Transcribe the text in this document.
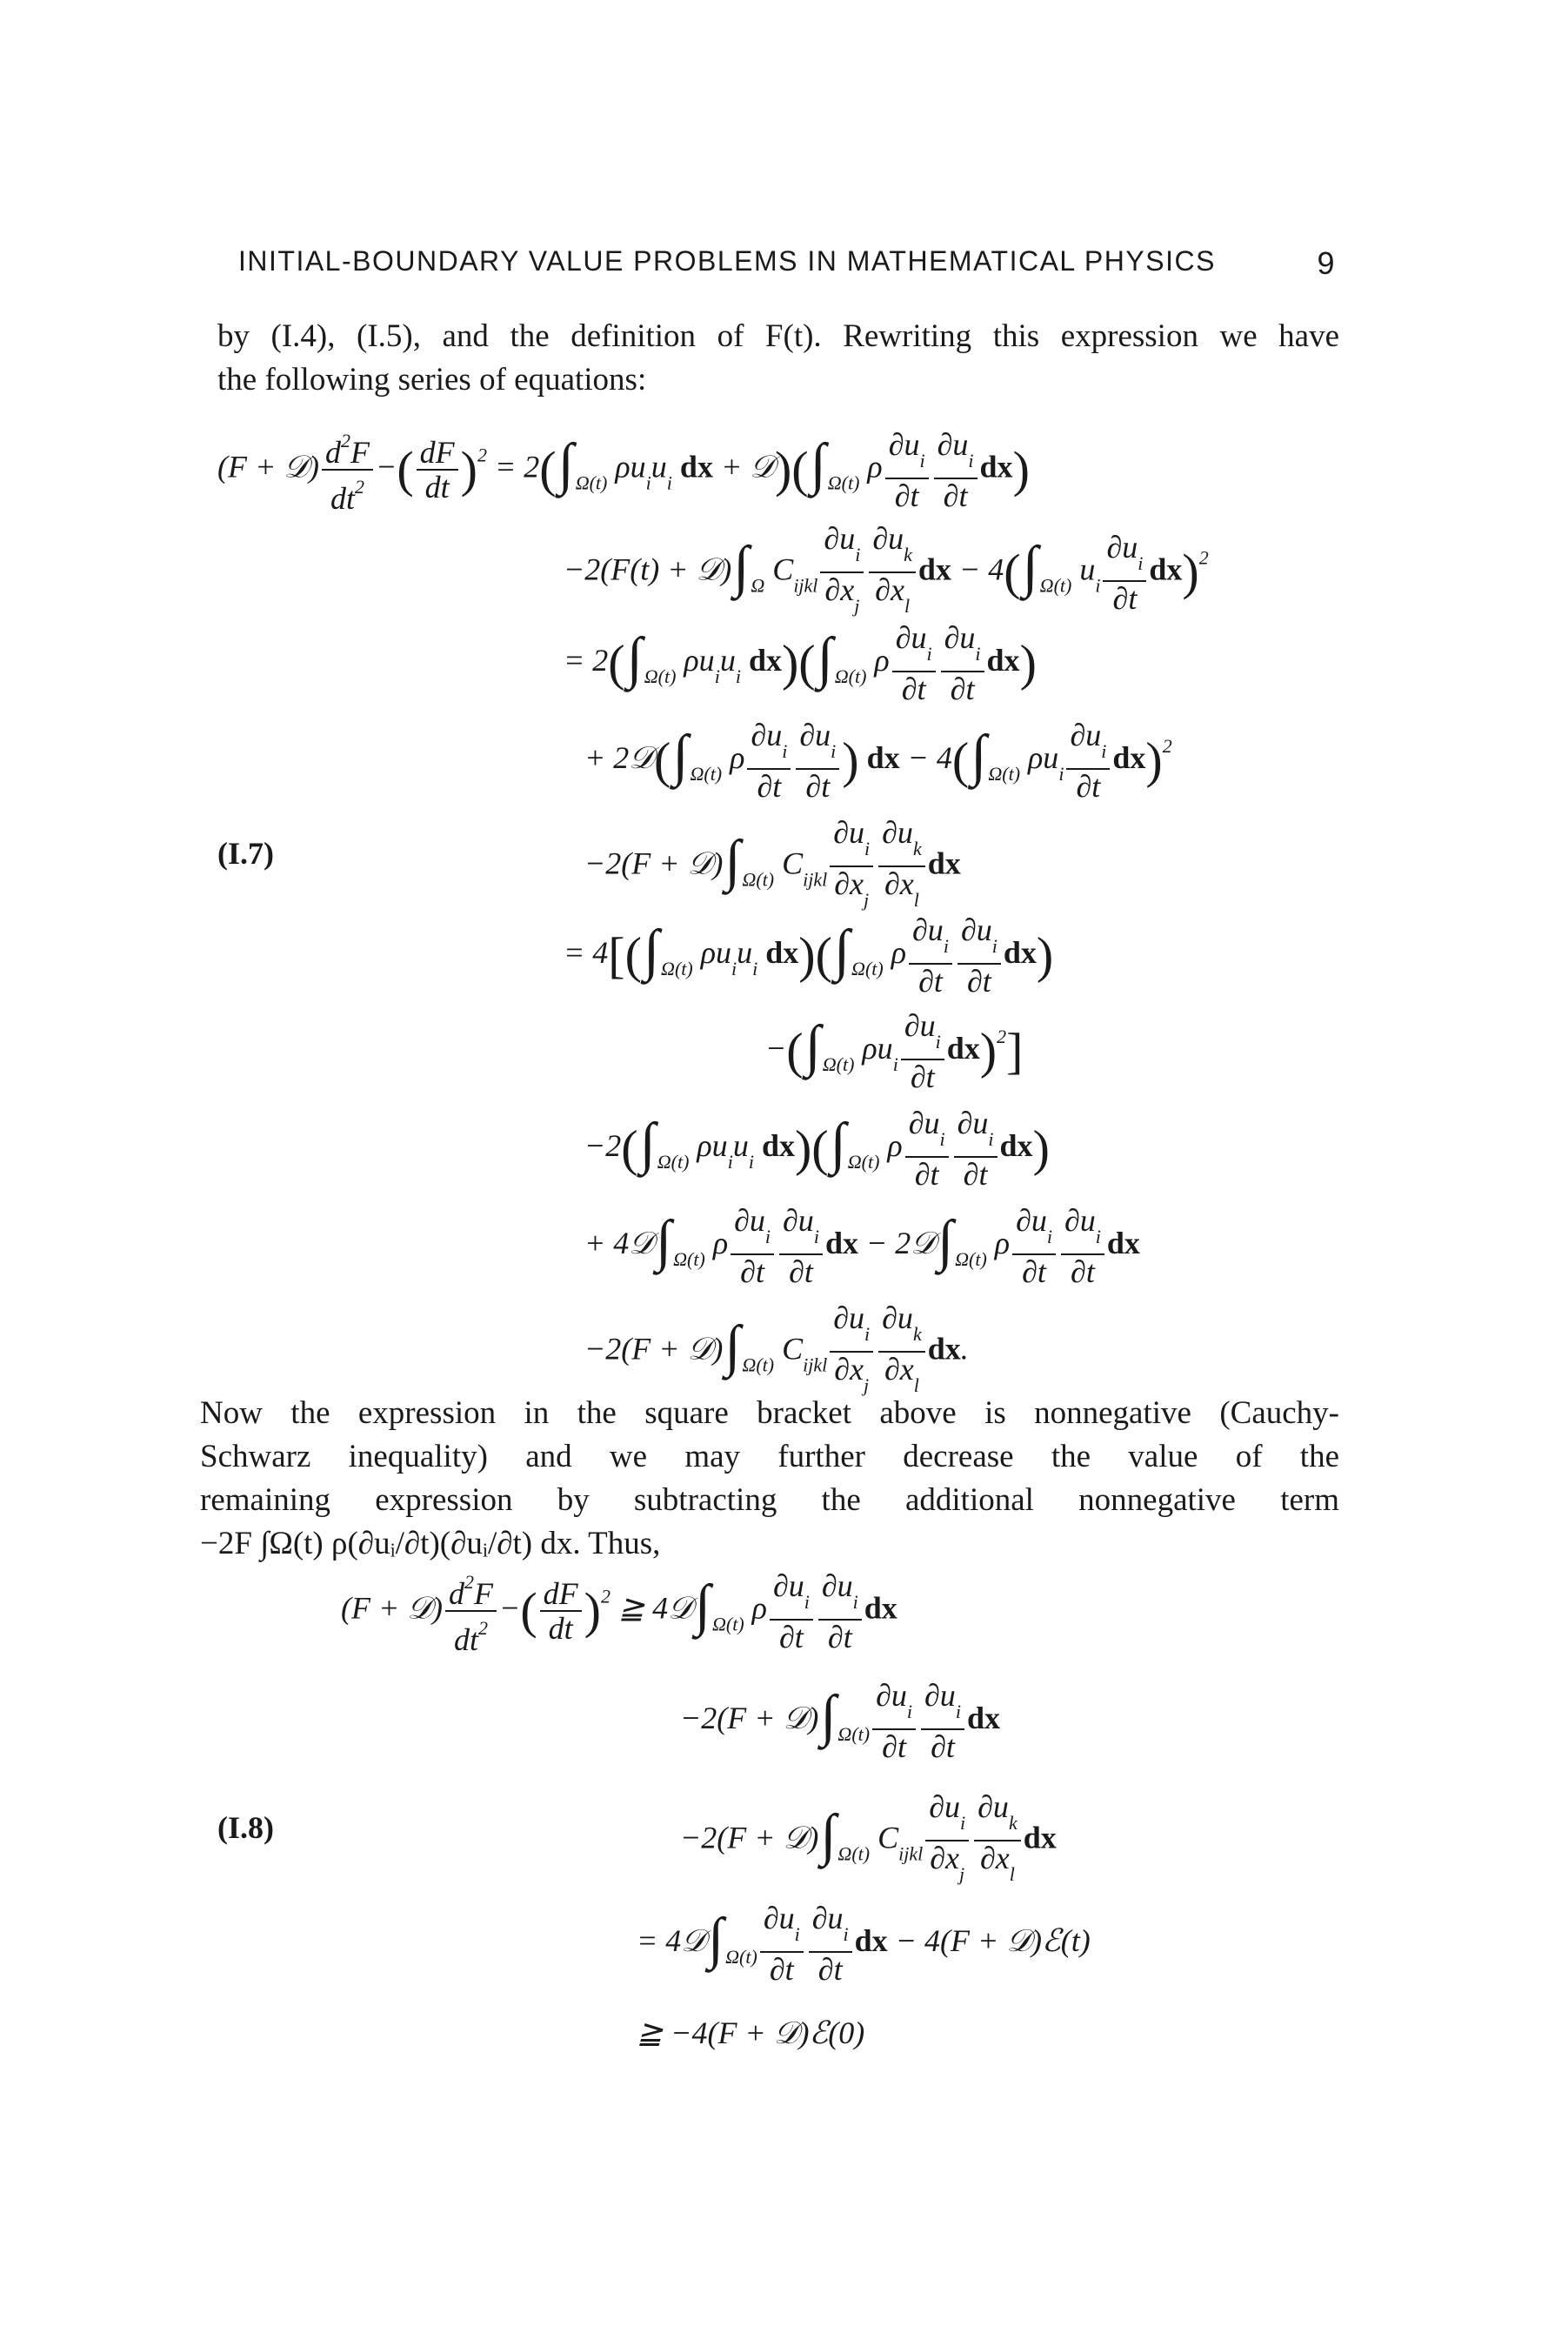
INITIAL-BOUNDARY VALUE PROBLEMS IN MATHEMATICAL PHYSICS	9
by (I.4), (I.5), and the definition of F(t). Rewriting this expression we have
the following series of equations:
(F + 𝒟) $\frac{d^2F}{dt^2}$ −( $\frac{dF}{dt} )^2 = 2(\int_{\Omega(t)}$ $\rho u_iu_i$ dx + $𝒟)(\int_{\Omega(t)}$ ρ $\frac{\partial u_i}{\partial t} \frac{\partial u_i}{\partial t} dx$)
$-2(F(t) + 𝒟)\int_\Omega$ $C_{ijkl} \frac{\partial u_i}{\partial x_j} \frac{\partial u_k}{\partial x_l}$ dx − $4(\int_{\Omega(t)}$ $u_i \frac{\partial u_i}{\partial t} dx)^2$
= $2(\int_{\Omega(t)}$ $\rho u_iu_i$ $dx)(\int_{\Omega(t)}$ ρ $\frac{\partial u_i}{\partial t} \frac{\partial u_i}{\partial t} dx$)
+ $2𝒟(\int_{\Omega(t)}$ ρ $\frac{\partial u_i}{\partial t} \frac{\partial u_i}{\partial t}$ ) dx − $4(\int_{\Omega(t)}$ $\rho u_i \frac{\partial u_i}{\partial t} dx)^2$
(I.7)	$-2(F + 𝒟)\int_{\Omega(t)}$ $C_{ijkl} \frac{\partial u_i}{\partial x_j} \frac{\partial u_k}{\partial x_l}$ dx
= $4[(\int_{\Omega(t)}$ $\rho u_iu_i$ $dx)(\int_{\Omega(t)}$ ρ $\frac{\partial u_i}{\partial t} \frac{\partial u_i}{\partial t} dx$)
$-(\int_{\Omega(t)}$ $\rho u_i \frac{\partial u_i}{\partial t} dx)^2$]
$-2(\int_{\Omega(t)}$ $\rho u_iu_i$ $dx)(\int_{\Omega(t)}$ ρ $\frac{\partial u_i}{\partial t} \frac{\partial u_i}{\partial t} dx$)
+ $4𝒟\int_{\Omega(t)}$ ρ $\frac{\partial u_i}{\partial t} \frac{\partial u_i}{\partial t}$ dx − $2𝒟\int_{\Omega(t)}$ ρ $\frac{\partial u_i}{\partial t} \frac{\partial u_i}{\partial t}$ dx
$-2(F + 𝒟)\int_{\Omega(t)}$ $C_{ijkl} \frac{\partial u_i}{\partial x_j} \frac{\partial u_k}{\partial x_l}$ dx.
Now the expression in the square bracket above is nonnegative (Cauchy-
Schwarz inequality) and we may further decrease the value of the
remaining expression by subtracting the additional nonnegative term
−2F ∫Ω(t) ρ(∂uᵢ/∂t)(∂uᵢ/∂t) dx. Thus,
(F + 𝒟) $\frac{d^2F}{dt^2}$ −( $\frac{dF}{dt} )^2$ ≧ $4𝒟\int_{\Omega(t)}$ ρ $\frac{\partial u_i}{\partial t} \frac{\partial u_i}{\partial t}$ dx
$-2(F + 𝒟)\int_{\Omega(t)} \frac{\partial u_i}{\partial t} \frac{\partial u_i}{\partial t}$ dx
(I.8)	$-2(F + 𝒟)\int_{\Omega(t)}$ $C_{ijkl} \frac{\partial u_i}{\partial x_j} \frac{\partial u_k}{\partial x_l}$ dx
= $4𝒟\int_{\Omega(t)} \frac{\partial u_i}{\partial t} \frac{\partial u_i}{\partial t}$ dx − 4(F + 𝒟)ℰ(t)
≧ −4(F + 𝒟)ℰ(0)
